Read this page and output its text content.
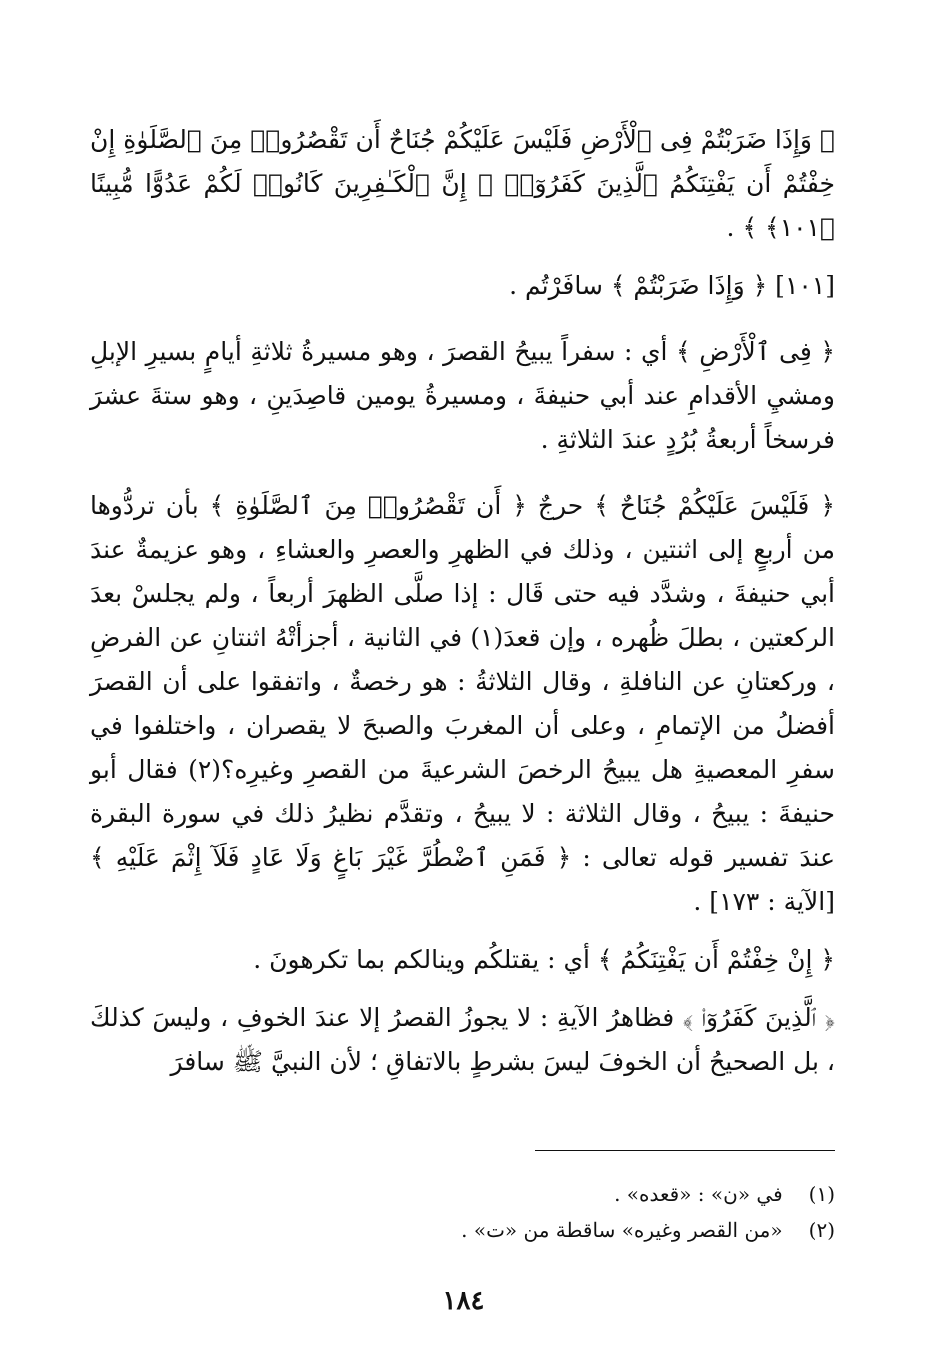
﴿ وَإِذَا ضَرَبْتُمْ فِى ٱلْأَرْضِ فَلَيْسَ عَلَيْكُمْ جُنَاحٌ أَن تَقْصُرُوا۟ مِنَ ٱلصَّلَوٰةِ إِنْ خِفْتُمْ أَن يَفْتِنَكُمُ ٱلَّذِينَ كَفَرُوٓا۟ ۚ إِنَّ ٱلْكَـٰفِرِينَ كَانُوا۟ لَكُمْ عَدُوًّا مُّبِينًا ﴿١٠١﴾ ﴾ .

[١٠١] ﴿ وَإِذَا ضَرَبْتُمْ ﴾ سافَرْتُم .

﴿ فِى ٱلْأَرْضِ ﴾ أي : سفراً يبيحُ القصرَ ، وهو مسيرةُ ثلاثةِ أيامٍ بسيرِ الإبلِ ومشيِ الأقدامِ عند أبي حنيفةَ ، ومسيرةُ يومين قاصِدَينِ ، وهو ستةَ عشرَ فرسخاً أربعةُ بُرُدٍ عندَ الثلاثةِ .

﴿ فَلَيْسَ عَلَيْكُمْ جُنَاحٌ ﴾ حرجٌ ﴿ أَن تَقْصُرُوا۟ مِنَ ٱلصَّلَوٰةِ ﴾ بأن تردُّوها من أربعٍ إلى اثنتين ، وذلك في الظهرِ والعصرِ والعشاءِ ، وهو عزيمةٌ عندَ أبي حنيفةَ ، وشدَّد فيه حتى قَال : إذا صلَّى الظهرَ أربعاً ، ولم يجلسْ بعدَ الركعتين ، بطلَ ظُهره ، وإن قعدَ(١) في الثانية ، أجزأتْهُ اثنتانِ عن الفرضِ ، وركعتانِ عن النافلةِ ، وقال الثلاثةُ : هو رخصةٌ ، واتفقوا على أن القصرَ أفضلُ من الإتمامِ ، وعلى أن المغربَ والصبحَ لا يقصران ، واختلفوا في سفرِ المعصيةِ هل يبيحُ الرخصَ الشرعيةَ من القصرِ وغيرِه؟(٢) فقال أبو حنيفةَ : يبيحُ ، وقال الثلاثة : لا يبيحُ ، وتقدَّم نظيرُ ذلك في سورة البقرة عندَ تفسير قوله تعالى : ﴿ فَمَنِ ٱضْطُرَّ غَيْرَ بَاغٍ وَلَا عَادٍ فَلَآ إِثْمَ عَلَيْهِ ﴾ [الآية : ١٧٣] .

﴿ إِنْ خِفْتُمْ أَن يَفْتِنَكُمُ ﴾ أي : يقتلكُم وينالكم بما تكرهونَ .

﴿ ٱلَّذِينَ كَفَرُوٓا۟ ﴾ فظاهرُ الآيةِ : لا يجوزُ القصرُ إلا عندَ الخوفِ ، وليسَ كذلكَ ، بل الصحيحُ أن الخوفَ ليسَ بشرطٍ بالاتفاقِ ؛ لأن النبيَّ ﷺ سافرَ

(١) في «ن» : «قعده» .

(٢) «من القصر وغيره» ساقطة من «ت» .

١٨٤
